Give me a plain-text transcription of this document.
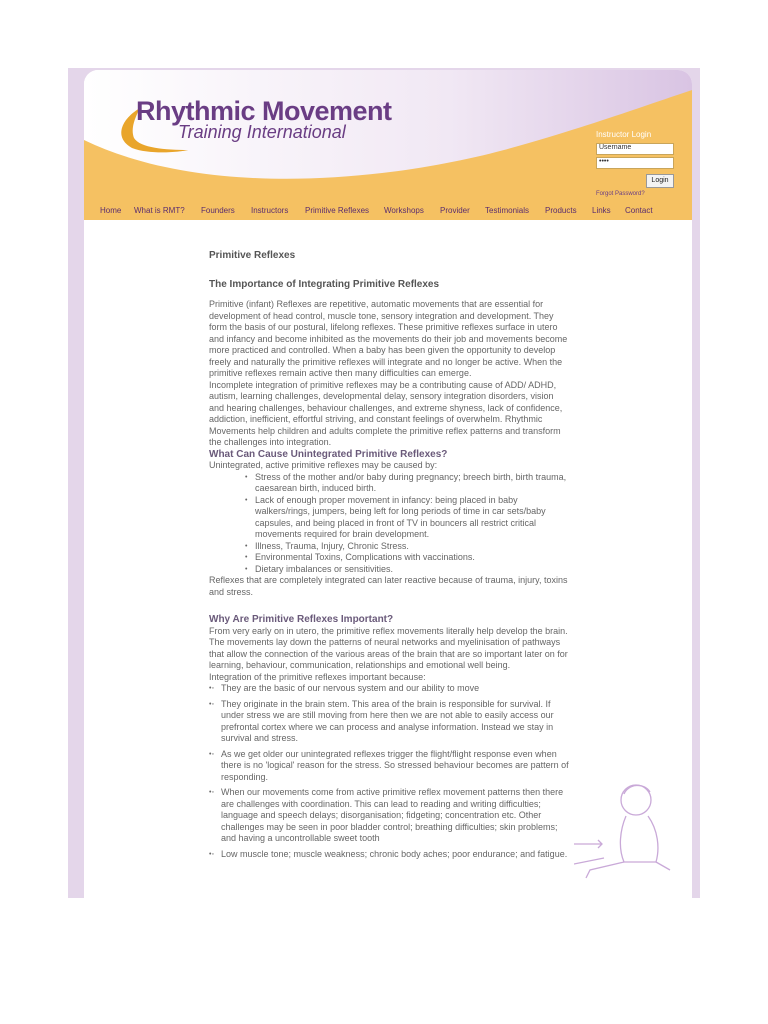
Rhythmic Movement
Training International	Instructor Login
Username
••••
Login
Forgot Password?
Home What is RMT? Founders Instructors Primitive Reflexes Workshops Provider Testimonials Products Links Contact
Primitive Reflexes
The Importance of Integrating Primitive Reflexes

Primitive (infant) Reflexes are repetitive, automatic movements that are essential for development of head control, muscle tone, sensory integration and development. They form the basis of our postural, lifelong reflexes. These primitive reflexes surface in utero and infancy and become inhibited as the movements do their job and movements become more practiced and controlled. When a baby has been given the opportunity to develop freely and naturally the primitive reflexes will integrate and no longer be active. When the primitive reflexes remain active then many difficulties can emerge.

Incomplete integration of primitive reflexes may be a contributing cause of ADD/ ADHD, autism, learning challenges, developmental delay, sensory integration disorders, vision and hearing challenges, behaviour challenges, and extreme shyness, lack of confidence, addiction, inefficient, effortful striving, and constant feelings of overwhelm. Rhythmic Movements help children and adults complete the primitive reflex patterns and transform the challenges into integration.

What Can Cause Unintegrated Primitive Reflexes?

Unintegrated, active primitive reflexes may be caused by:

• Stress of the mother and/or baby during pregnancy; breech birth, birth trauma, caesarean birth, induced birth.
• Lack of enough proper movement in infancy: being placed in baby walkers/rings, jumpers, being left for long periods of time in car sets/baby capsules, and being placed in front of TV in bouncers all restrict critical movements required for brain development.
• Illness, Trauma, Injury, Chronic Stress.
• Environmental Toxins, Complications with vaccinations.
• Dietary imbalances or sensitivities.

Reflexes that are completely integrated can later reactive because of trauma, injury, toxins and stress.

Why Are Primitive Reflexes Important?

From very early on in utero, the primitive reflex movements literally help develop the brain. The movements lay down the patterns of neural networks and myelinisation of pathways that allow the connection of the various areas of the brain that are so important later on for learning, behaviour, communication, relationships and emotional well being.

Integration of the primitive reflexes important because:

•◦ They are the basic of our nervous system and our ability to move
•◦ They originate in the brain stem. This area of the brain is responsible for survival. If under stress we are still moving from here then we are not able to easily access our prefrontal cortex where we can process and analyse information. Instead we stay in survival and stress.
•◦ As we get older our unintegrated reflexes trigger the flight/flight response even when there is no 'logical' reason for the stress. So stressed behaviour becomes are pattern of responding.
•◦ When our movements come from active primitive reflex movement patterns then there are challenges with coordination. This can lead to reading and writing difficulties; language and speech delays; disorganisation; fidgeting; concentration etc. Other challenges may be seen in poor bladder control; breathing difficulties; skin problems; and having a uncontrollable sweet tooth
•◦ Low muscle tone; muscle weakness; chronic body aches; poor endurance; and fatigue.
